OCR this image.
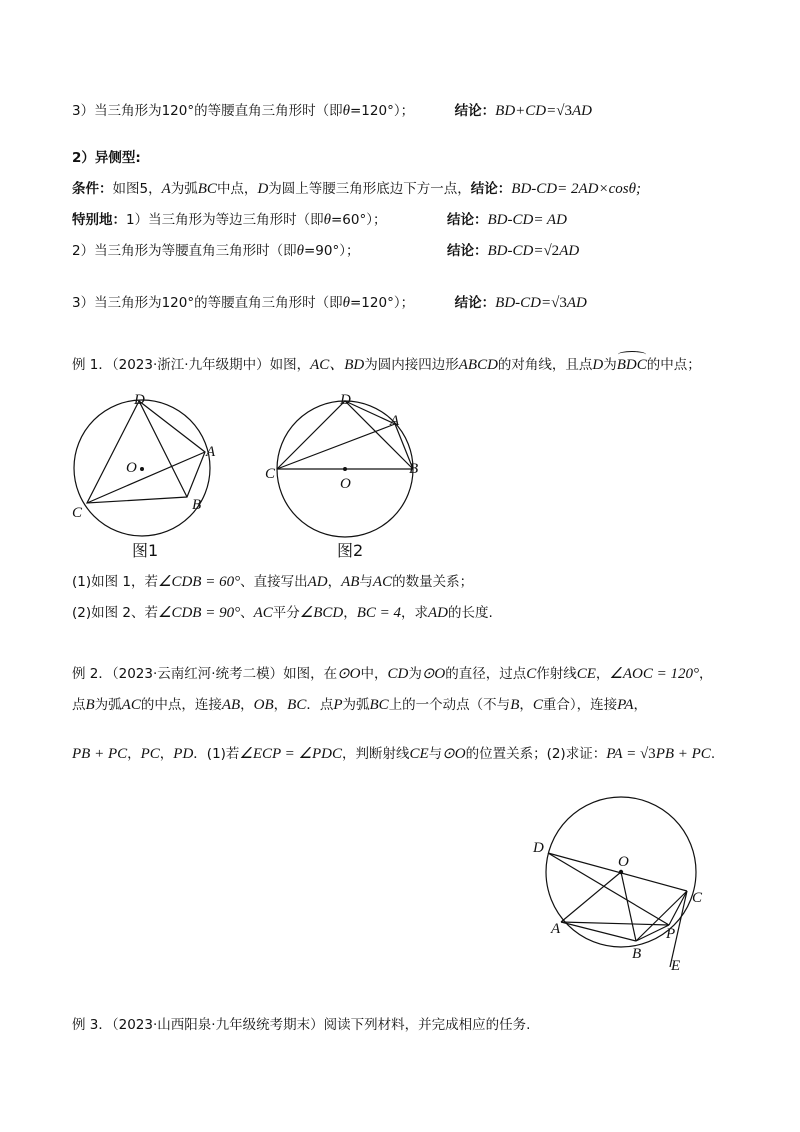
3）当三角形为120°的等腰直角三角形时（即θ=120°）；	结论：BD+CD=√3AD
2）异侧型:
条件：如图5，A为弧BC中点，D为圆上等腰三角形底边下方一点，结论：BD-CD= 2AD×cosθ;
特别地：1）当三角形为等边三角形时（即θ=60°）；	结论：BD-CD= AD
2）当三角形为等腰直角三角形时（即θ=90°）；	结论：BD-CD=√2AD
3）当三角形为120°的等腰直角三角形时（即θ=120°）；	结论：BD-CD=√3AD
例 1．（2023·浙江·九年级期中）如图，AC、BD为圆内接四边形ABCD的对角线，且点D为BDC的中点；
D
A
O
C	B
图1
D
A
C
O
B
图2
(1)如图 1，若∠CDB = 60°、直接写出AD，AB与AC的数量关系；
(2)如图 2、若∠CDB = 90°、AC平分∠BCD，BC = 4，求AD的长度.
例 2．（2023·云南红河·统考二模）如图，在⊙O中，CD为⊙O的直径，过点C作射线CE，∠AOC = 120°，
点B为弧AC的中点，连接AB，OB，BC．点P为弧BC上的一个动点（不与B，C重合），连接PA，
PB + PC，PC，PD．(1)若∠ECP = ∠PDC，判断射线CE与⊙O的位置关系；(2)求证：PA = √3PB + PC.
D
O
C
A	P
B
E
例 3．（2023·山西阳泉·九年级统考期末）阅读下列材料，并完成相应的任务.
